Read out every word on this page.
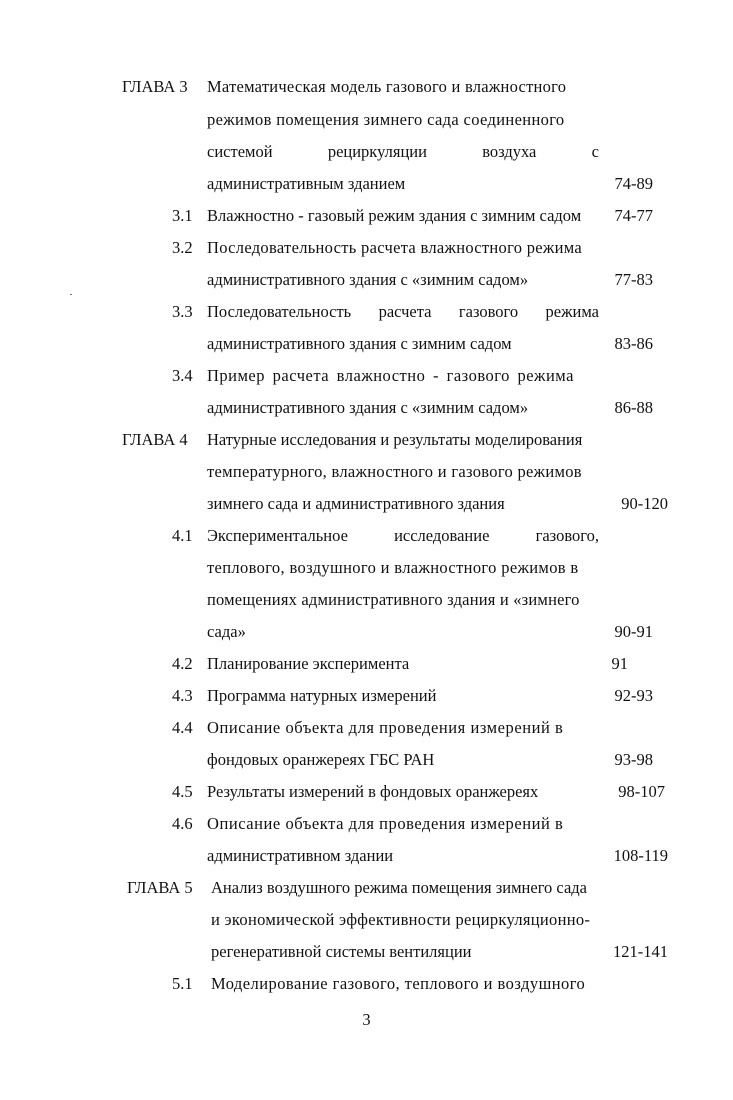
ГЛАВА 3 Математическая модель газового и влажностного
режимов помещения зимнего сада соединенного
системой	рециркуляции	воздуха	с
административным зданием	74-89
3.1 Влажностно - газовый режим здания с зимним садом 74-77
3.2 Последовательность расчета влажностного режима
административного здания с «зимним садом»	77-83
3.3 Последовательность расчета газового режима
административного здания с зимним садом	83-86
3.4 Пример расчета влажностно - газового режима
административного здания с «зимним садом»	86-88
ГЛАВА 4 Натурные исследования и результаты моделирования
температурного, влажностного и газового режимов
зимнего сада и административного здания	90-120
4.1 Экспериментальное	исследование	газового,
теплового, воздушного и влажностного режимов в
помещениях административного здания и «зимнего
сада»	90-91
4.2 Планирование эксперимента	91
4.3 Программа натурных измерений	92-93
4.4 Описание объекта для проведения измерений в
фондовых оранжереях ГБС РАН	93-98
4.5 Результаты измерений в фондовых оранжереях	98-107
4.6 Описание объекта для проведения измерений в
административном здании	108-119
ГЛАВА 5 Анализ воздушного режима помещения зимнего сада
и экономической эффективности рециркуляционно-
регенеративной системы вентиляции	121-141
5.1 Моделирование газового, теплового и воздушного
3
